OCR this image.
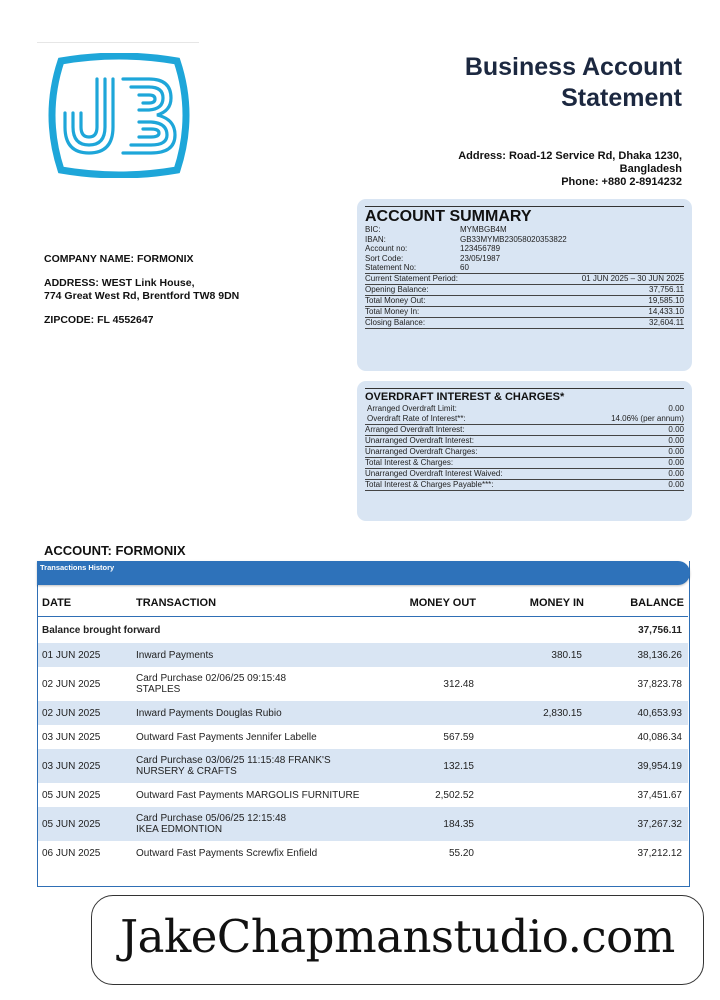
Business Account
Statement
Address: Road-12 Service Rd, Dhaka 1230,
Bangladesh
Phone: +880 2-8914232
COMPANY NAME: FORMONIX
ADDRESS: WEST Link House,
774 Great West Rd, Brentford TW8 9DN
ZIPCODE: FL 4552647
ACCOUNT SUMMARY
BIC:	MYMBGB4M
IBAN:	GB33MYMB23058020353822
Account no:	123456789
Sort Code:	23/05/1987
Statement No:	60
Current Statement Period:	01 JUN 2025 – 30 JUN 2025
Opening Balance:	37,756.11
Total Money Out:	19,585.10
Total Money In:	14,433.10
Closing Balance:	32,604.11
OVERDRAFT INTEREST & CHARGES*
Arranged Overdraft Limit:	0.00
Overdraft Rate of Interest**:	14.06% (per annum)
Arranged Overdraft Interest:	0.00
Unarranged Overdraft Interest:	0.00
Unarranged Overdraft Charges:	0.00
Total Interest & Charges:	0.00
Unarranged Overdraft Interest Waived:	0.00
Total Interest & Charges Payable***:	0.00
ACCOUNT: FORMONIX
Transactions History
DATE	TRANSACTION	MONEY OUT	MONEY IN	BALANCE
Balance brought forward				37,756.11
01 JUN 2025	Inward Payments		380.15	38,136.26
02 JUN 2025	Card Purchase 02/06/25 09:15:48
STAPLES	312.48		37,823.78
02 JUN 2025	Inward Payments Douglas Rubio		2,830.15	40,653.93
03 JUN 2025	Outward Fast Payments Jennifer Labelle	567.59		40,086.34
03 JUN 2025	Card Purchase 03/06/25 11:15:48 FRANK'S
NURSERY & CRAFTS	132.15		39,954.19
05 JUN 2025	Outward Fast Payments MARGOLIS FURNITURE	2,502.52		37,451.67
05 JUN 2025	Card Purchase 05/06/25 12:15:48
IKEA EDMONTION	184.35		37,267.32
06 JUN 2025	Outward Fast Payments Screwfix Enfield	55.20		37,212.12
JakeChapmanstudio.com
